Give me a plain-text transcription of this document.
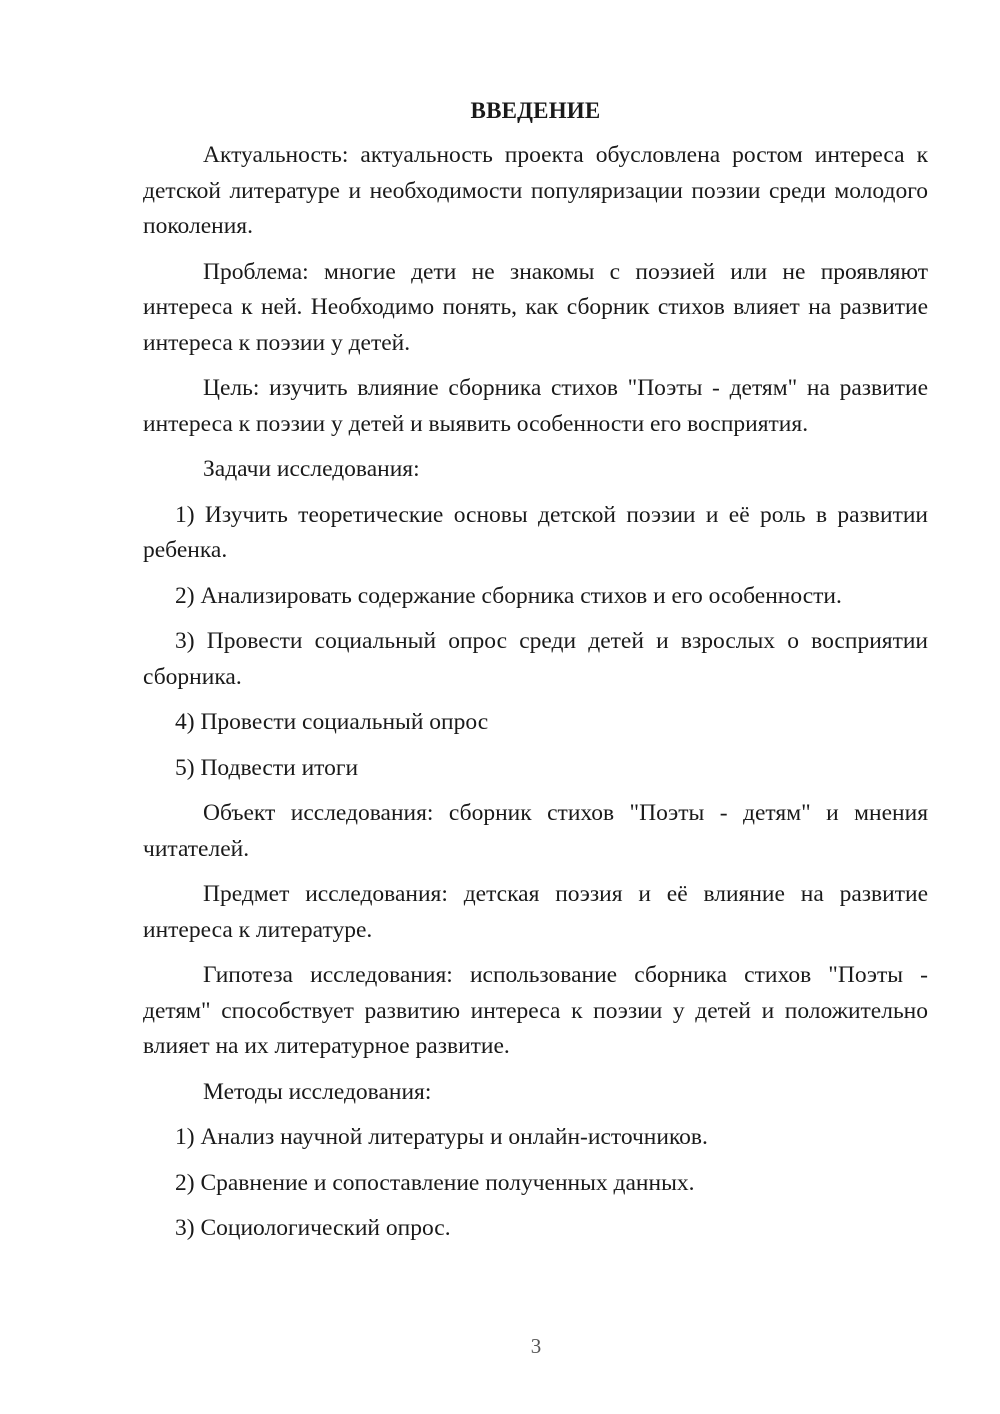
ВВЕДЕНИЕ

Актуальность: актуальность проекта обусловлена ростом интереса к детской литературе и необходимости популяризации поэзии среди молодого поколения.

Проблема: многие дети не знакомы с поэзией или не проявляют интереса к ней. Необходимо понять, как сборник стихов влияет на развитие интереса к поэзии у детей.

Цель: изучить влияние сборника стихов "Поэты - детям" на развитие интереса к поэзии у детей и выявить особенности его восприятия.

Задачи исследования:

1) Изучить теоретические основы детской поэзии и её роль в развитии ребенка.

2) Анализировать содержание сборника стихов и его особенности.

3) Провести социальный опрос среди детей и взрослых о восприятии сборника.

4) Провести социальный опрос

5) Подвести итоги

Объект исследования: сборник стихов "Поэты - детям" и мнения читателей.

Предмет исследования: детская поэзия и её влияние на развитие интереса к литературе.

Гипотеза исследования: использование сборника стихов "Поэты - детям" способствует развитию интереса к поэзии у детей и положительно влияет на их литературное развитие.

Методы исследования:

1) Анализ научной литературы и онлайн-источников.

2) Сравнение и сопоставление полученных данных.

3) Социологический опрос.

3
